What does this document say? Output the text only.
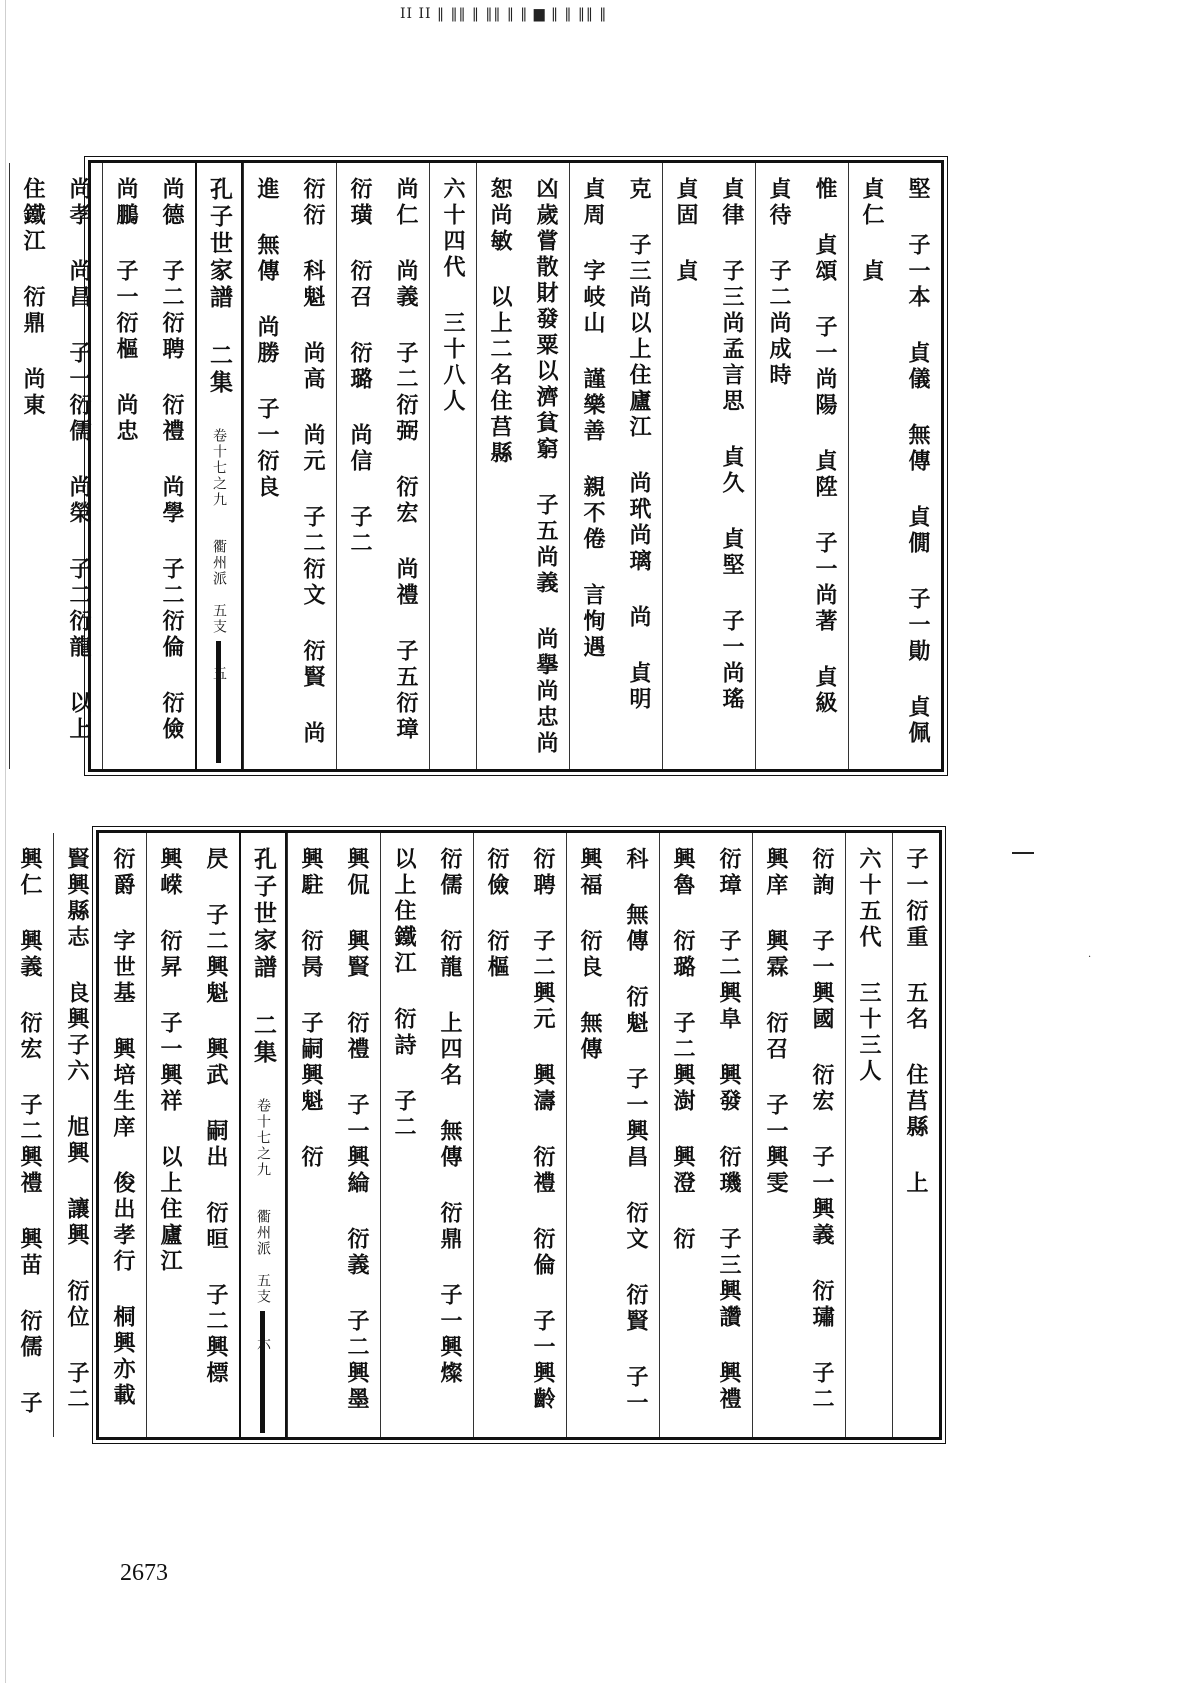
II II ‖ ‖‖ ‖ ‖‖ ‖ ‖ ▆ ‖ ‖ ‖‖ ‖
堅 子一本 貞儀 無傳 貞僩 子一勛 貞佩 貞仁 貞
惟 貞頌 子一尚陽 貞陞 子一尚著 貞級 貞待 子二尚成時
貞律 子三尚孟言思 貞久 貞堅 子一尚瑤 貞固 貞
克 子三尚以上住廬江 尚玳尚璃 尚 貞明 貞周 字岐山 謹樂善 親不倦 言恂遇
凶歲嘗散財發粟以濟貧窮 子五尚義 尚擧尚忠尚恕尚敏 以上二名住莒縣
六十四代 三十八人
尚仁 尚義 子二衍弼 衍宏 尚禮 子五衍璋 衍璜 衍召 衍璐 尚信 子二
衍衍 科魁 尚高 尚元 子二衍文 衍賢 尚進 無傳 尚勝 子一衍良
孔子世家譜 二集 卷十七之九 衢州派　五支
尚德 子二衍聘 衍禮 尚學 子二衍倫 衍儉 尚鵬 子一衍樞 尚忠
尚孝 尚昌 子一衍儒 尚榮 子二衍龍 以上住鐵江 衍鼎 尚東
子一衍重 五名 住莒縣 上
六十五代 三十三人
衍詢 子一興國 衍宏 子一興義 衍璛 子二興庠 興霖 衍召 子一興雯
衍璋 子二興阜 興發 衍璣 子三興讚 興禮 興魯 衍璐 子二興澍 興澄 衍
科 無傳 衍魁 子一興昌 衍文 衍賢 子一興福 衍良 無傳
衍聘 子二興元 興濤 衍禮 衍倫 子一興齡 衍儉 衍樞
衍儒 衍龍 上四名 無傳 衍鼎 子一興燦 以上住鐵江 衍詩 子二
興侃 興賢 衍禮 子一興綸 衍義 子二興墨 興駐 衍昺 子嗣興魁 衍
孔子世家譜 二集 卷十七之九 衢州派　五支
昃 子二興魁 興武 嗣出 衍晅 子二興標 興嵘 衍昇 子一興祥 以上住廬江
衍爵 字世基 興培生庠 俊出孝行 桐興亦載 賢興縣志 良興子六 旭興 讓興 衍位 子二
興仁 興義 衍宏 子二興禮 興苗 衍儒 子
·
2673
